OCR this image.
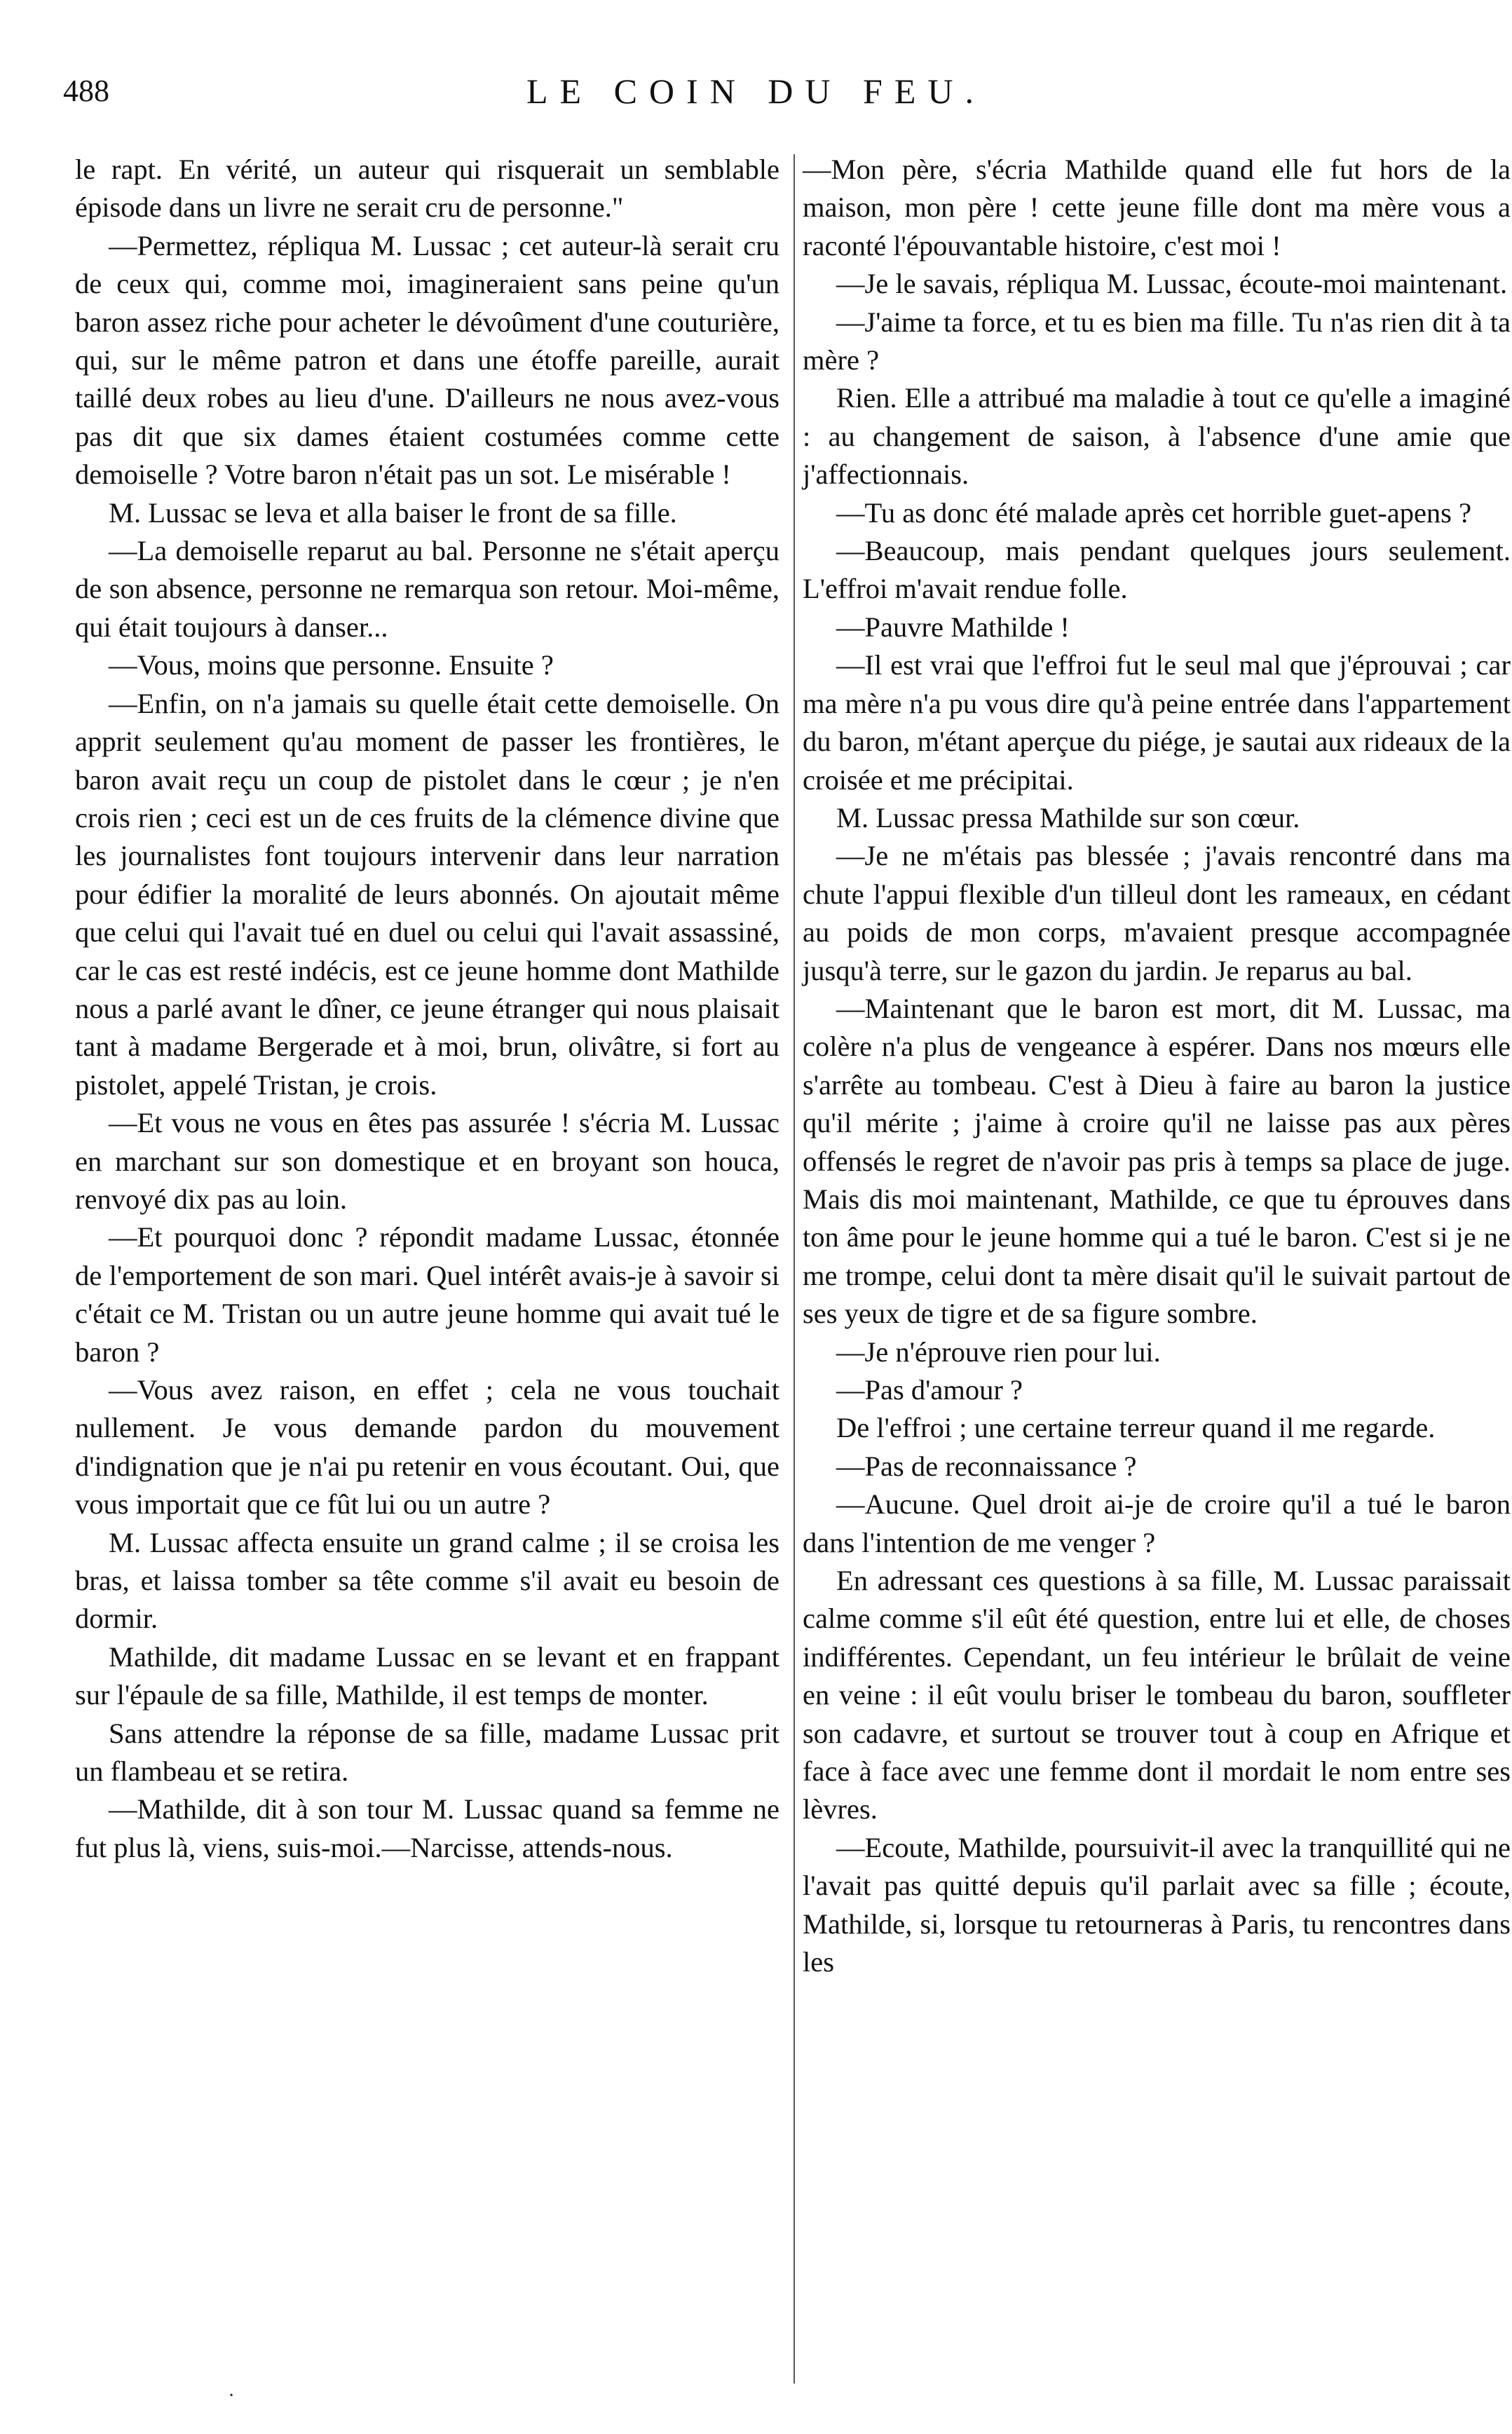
488	LE COIN DU FEU.

le rapt. En vérité, un auteur qui risquerait un semblable épisode dans un livre ne serait cru de personne."

—Permettez, répliqua M. Lussac ; cet auteur-là serait cru de ceux qui, comme moi, imagineraient sans peine qu'un baron assez riche pour acheter le dévoûment d'une couturière, qui, sur le même patron et dans une étoffe pareille, aurait taillé deux robes au lieu d'une. D'ailleurs ne nous avez-vous pas dit que six dames étaient costumées comme cette demoiselle ? Votre baron n'était pas un sot. Le misérable !

M. Lussac se leva et alla baiser le front de sa fille.

—La demoiselle reparut au bal. Personne ne s'était aperçu de son absence, personne ne remarqua son retour. Moi-même, qui était toujours à danser...

—Vous, moins que personne. Ensuite ?

—Enfin, on n'a jamais su quelle était cette demoiselle. On apprit seulement qu'au moment de passer les frontières, le baron avait reçu un coup de pistolet dans le cœur ; je n'en crois rien ; ceci est un de ces fruits de la clémence divine que les journalistes font toujours intervenir dans leur narration pour édifier la moralité de leurs abonnés. On ajoutait même que celui qui l'avait tué en duel ou celui qui l'avait assassiné, car le cas est resté indécis, est ce jeune homme dont Mathilde nous a parlé avant le dîner, ce jeune étranger qui nous plaisait tant à madame Bergerade et à moi, brun, olivâtre, si fort au pistolet, appelé Tristan, je crois.

—Et vous ne vous en êtes pas assurée ! s'écria M. Lussac en marchant sur son domestique et en broyant son houca, renvoyé dix pas au loin.

—Et pourquoi donc ? répondit madame Lussac, étonnée de l'emportement de son mari. Quel intérêt avais-je à savoir si c'était ce M. Tristan ou un autre jeune homme qui avait tué le baron ?

—Vous avez raison, en effet ; cela ne vous touchait nullement. Je vous demande pardon du mouvement d'indignation que je n'ai pu retenir en vous écoutant. Oui, que vous importait que ce fût lui ou un autre ?

M. Lussac affecta ensuite un grand calme ; il se croisa les bras, et laissa tomber sa tête comme s'il avait eu besoin de dormir.

Mathilde, dit madame Lussac en se levant et en frappant sur l'épaule de sa fille, Mathilde, il est temps de monter.

Sans attendre la réponse de sa fille, madame Lussac prit un flambeau et se retira.

—Mathilde, dit à son tour M. Lussac quand sa femme ne fut plus là, viens, suis-moi.—Narcisse, attends-nous.

—Mon père, s'écria Mathilde quand elle fut hors de la maison, mon père ! cette jeune fille dont ma mère vous a raconté l'épouvantable histoire, c'est moi !

—Je le savais, répliqua M. Lussac, écoute-moi maintenant.

—J'aime ta force, et tu es bien ma fille. Tu n'as rien dit à ta mère ?

Rien. Elle a attribué ma maladie à tout ce qu'elle a imaginé : au changement de saison, à l'absence d'une amie que j'affectionnais.

—Tu as donc été malade après cet horrible guet-apens ?

—Beaucoup, mais pendant quelques jours seulement. L'effroi m'avait rendue folle.

—Pauvre Mathilde !

—Il est vrai que l'effroi fut le seul mal que j'éprouvai ; car ma mère n'a pu vous dire qu'à peine entrée dans l'appartement du baron, m'étant aperçue du piége, je sautai aux rideaux de la croisée et me précipitai.

M. Lussac pressa Mathilde sur son cœur.

—Je ne m'étais pas blessée ; j'avais rencontré dans ma chute l'appui flexible d'un tilleul dont les rameaux, en cédant au poids de mon corps, m'avaient presque accompagnée jusqu'à terre, sur le gazon du jardin. Je reparus au bal.

—Maintenant que le baron est mort, dit M. Lussac, ma colère n'a plus de vengeance à espérer. Dans nos mœurs elle s'arrête au tombeau. C'est à Dieu à faire au baron la justice qu'il mérite ; j'aime à croire qu'il ne laisse pas aux pères offensés le regret de n'avoir pas pris à temps sa place de juge. Mais dis moi maintenant, Mathilde, ce que tu éprouves dans ton âme pour le jeune homme qui a tué le baron. C'est si je ne me trompe, celui dont ta mère disait qu'il le suivait partout de ses yeux de tigre et de sa figure sombre.

—Je n'éprouve rien pour lui.

—Pas d'amour ?

De l'effroi ; une certaine terreur quand il me regarde.

—Pas de reconnaissance ?

—Aucune. Quel droit ai-je de croire qu'il a tué le baron dans l'intention de me venger ?

En adressant ces questions à sa fille, M. Lussac paraissait calme comme s'il eût été question, entre lui et elle, de choses indifférentes. Cependant, un feu intérieur le brûlait de veine en veine : il eût voulu briser le tombeau du baron, souffleter son cadavre, et surtout se trouver tout à coup en Afrique et face à face avec une femme dont il mordait le nom entre ses lèvres.

—Ecoute, Mathilde, poursuivit-il avec la tranquillité qui ne l'avait pas quitté depuis qu'il parlait avec sa fille ; écoute, Mathilde, si, lorsque tu retourneras à Paris, tu rencontres dans les

·
